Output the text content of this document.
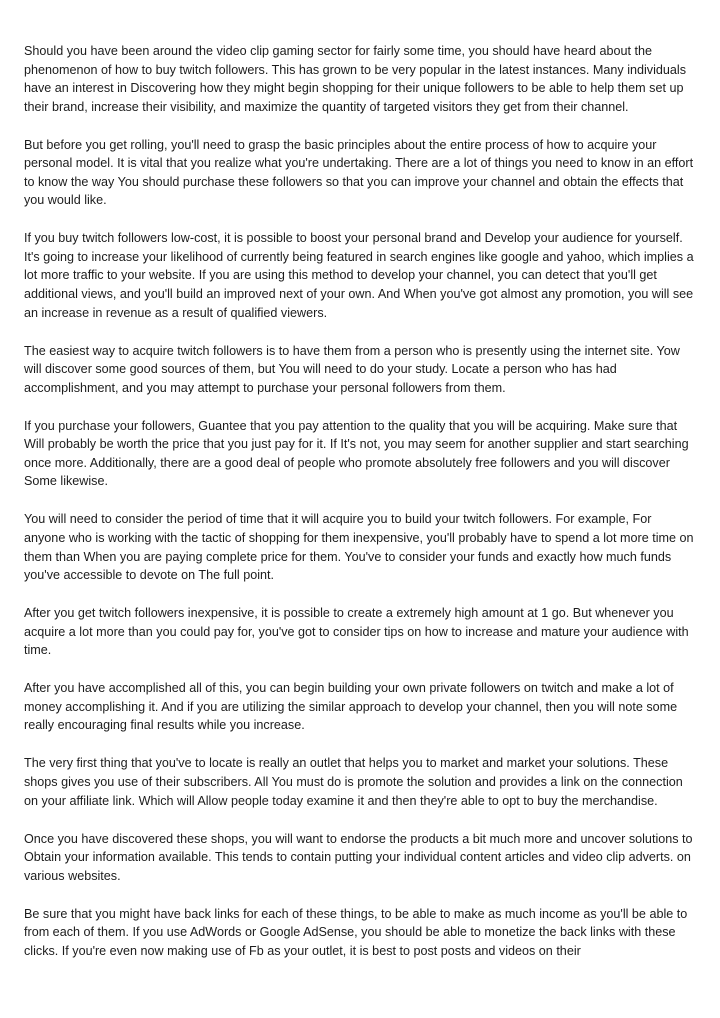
Should you have been around the video clip gaming sector for fairly some time, you should have heard about the phenomenon of how to buy twitch followers. This has grown to be very popular in the latest instances. Many individuals have an interest in Discovering how they might begin shopping for their unique followers to be able to help them set up their brand, increase their visibility, and maximize the quantity of targeted visitors they get from their channel.

But before you get rolling, you'll need to grasp the basic principles about the entire process of how to acquire your personal model. It is vital that you realize what you're undertaking. There are a lot of things you need to know in an effort to know the way You should purchase these followers so that you can improve your channel and obtain the effects that you would like.

If you buy twitch followers low-cost, it is possible to boost your personal brand and Develop your audience for yourself. It's going to increase your likelihood of currently being featured in search engines like google and yahoo, which implies a lot more traffic to your website. If you are using this method to develop your channel, you can detect that you'll get additional views, and you'll build an improved next of your own. And When you've got almost any promotion, you will see an increase in revenue as a result of qualified viewers.

The easiest way to acquire twitch followers is to have them from a person who is presently using the internet site. Yow will discover some good sources of them, but You will need to do your study. Locate a person who has had accomplishment, and you may attempt to purchase your personal followers from them.

If you purchase your followers, Guantee that you pay attention to the quality that you will be acquiring. Make sure that Will probably be worth the price that you just pay for it. If It's not, you may seem for another supplier and start searching once more. Additionally, there are a good deal of people who promote absolutely free followers and you will discover Some likewise.

You will need to consider the period of time that it will acquire you to build your twitch followers. For example, For anyone who is working with the tactic of shopping for them inexpensive, you'll probably have to spend a lot more time on them than When you are paying complete price for them. You've to consider your funds and exactly how much funds you've accessible to devote on The full point.

After you get twitch followers inexpensive, it is possible to create a extremely high amount at 1 go. But whenever you acquire a lot more than you could pay for, you've got to consider tips on how to increase and mature your audience with time.

After you have accomplished all of this, you can begin building your own private followers on twitch and make a lot of money accomplishing it. And if you are utilizing the similar approach to develop your channel, then you will note some really encouraging final results while you increase.

The very first thing that you've to locate is really an outlet that helps you to market and market your solutions. These shops gives you use of their subscribers. All You must do is promote the solution and provides a link on the connection on your affiliate link. Which will Allow people today examine it and then they're able to opt to buy the merchandise.

Once you have discovered these shops, you will want to endorse the products a bit much more and uncover solutions to Obtain your information available. This tends to contain putting your individual content articles and video clip adverts. on various websites.

Be sure that you might have back links for each of these things, to be able to make as much income as you'll be able to from each of them. If you use AdWords or Google AdSense, you should be able to monetize the back links with these clicks. If you're even now making use of Fb as your outlet, it is best to post posts and videos on their
